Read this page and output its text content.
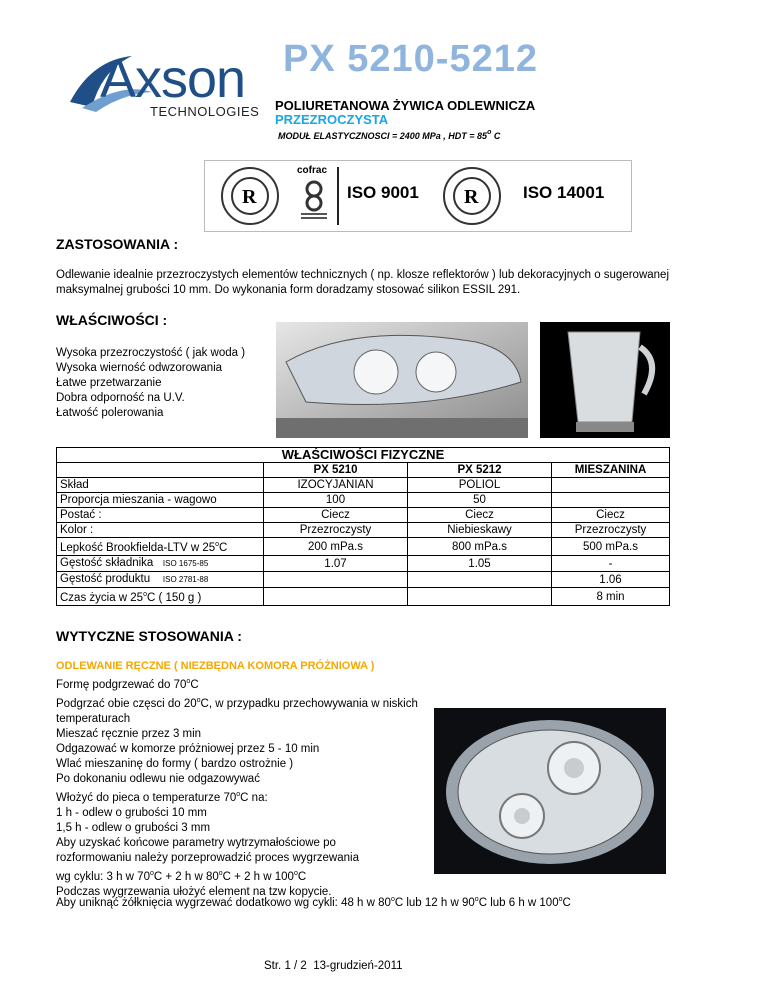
Axson
TECHNOLOGIES
PX 5210-5212
POLIURETANOWA ŻYWICA ODLEWNICZA
PRZEZROCZYSTA
MODUŁ ELASTYCZNOSCI = 2400 MPa , HDT = $85^o$ C
R
cofrac
ISO 9001 R	ISO 14001
ZASTOSOWANIA :
Odlewanie idealnie przezroczystych elementów technicznych ( np. klosze reflektorów ) lub dekoracyjnych o sugerowanej maksymalnej grubości 10 mm. Do wykonania form doradzamy stosować silikon ESSIL 291.
WŁAŚCIWOŚCI :
Wysoka przezroczystość ( jak woda )
Wysoka wierność odwzorowania
Łatwe przetwarzanie
Dobra odporność na U.V.
Łatwość polerowania
WŁAŚCIWOŚCI FIZYCZNE			
	PX 5210	PX 5212	MIESZANINA
Skład	IZOCYJANIAN	POLIOL	
Proporcja mieszania - wagowo	100	50	
Postać :	Ciecz	Ciecz	Ciecz
Kolor :	Przezroczysty	Niebieskawy	Przezroczysty
Lepkość Brookfielda-LTV w 25$^o$C	200 mPa.s	800 mPa.s	500 mPa.s
Gęstość składnika ISO 1675-85	1.07	1.05	-
Gęstość produktu ISO 2781-88			1.06
Czas życia w 25$^o$C ( 150 g )			8 min
WYTYCZNE STOSOWANIA :
ODLEWANIE RĘCZNE ( NIEZBĘDNA KOMORA PRÓŻNIOWA )
Formę podgrzewać do 70$^o$C
Podgrzać obie częsci do 20$^o$C, w przypadku przechowywania w niskich temperaturach
Mieszać ręcznie przez 3 min
Odgazować w komorze próżniowej przez 5 - 10 min
Wlać mieszaninę do formy ( bardzo ostrożnie )
Po dokonaniu odlewu nie odgazowywać
Włożyć do pieca o temperaturze 70$^o$C na:
1 h - odlew o grubości 10 mm
1,5 h - odlew o grubości 3 mm
Aby uzyskać końcowe parametry wytrzymałościowe po
rozformowaniu należy porzeprowadzić proces wygrzewania
wg cyklu: 3 h w $70^oC + 2$ h w $80^oC + 2$ h w 100$^o$C
Podczas wygrzewania ułożyć element na tzw kopycie.
Aby uniknąć żółknięcia wygrzewać dodatkowo wg cykli: 48 h w 80$^o$C lub 12 h w 90$^o$C lub 6 h w 100$^o$C
Str. 1 / 2 13-grudzień-2011
